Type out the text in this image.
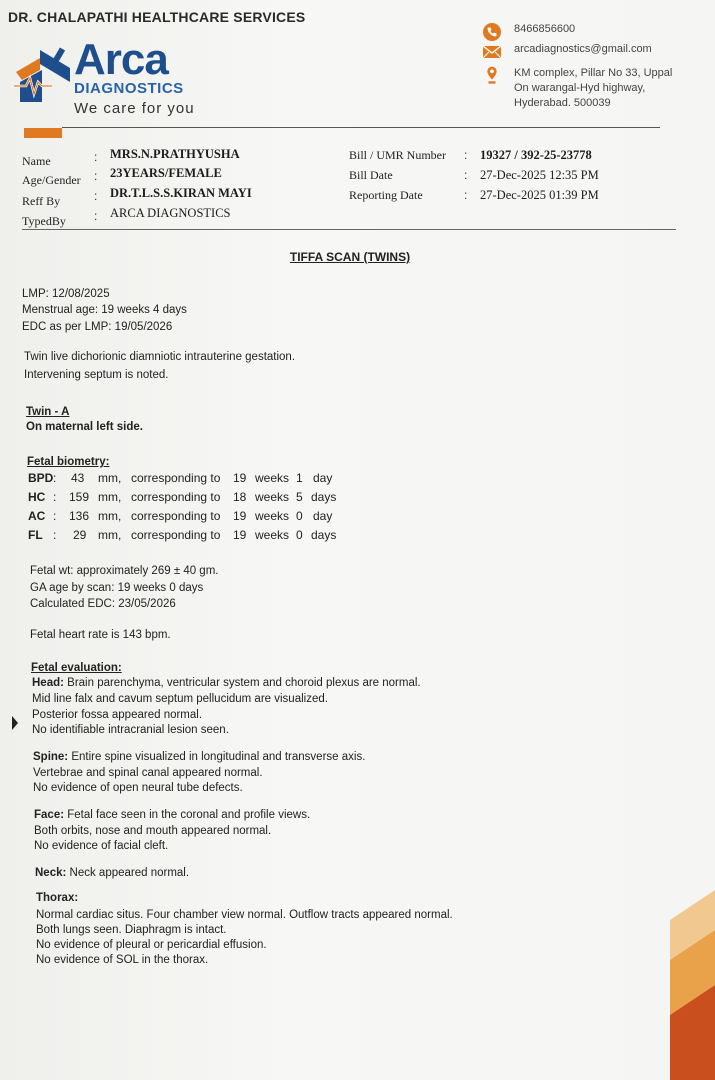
DR. CHALAPATHI HEALTHCARE SERVICES
Arca
DIAGNOSTICS
We care for you
8466856600
arcadiagnostics@gmail.com
KM complex, Pillar No 33, Uppal
On warangal-Hyd highway,
Hyderabad. 500039
Name	: MRS.N.PRATHYUSHA
Age/Gender : 23YEARS/FEMALE
Reff By	: DR.T.L.S.S.KIRAN MAYI
TypedBy : ARCA DIAGNOSTICS
Bill / UMR Number : 19327 / 392-25-23778
Bill Date	: 27-Dec-2025 12:35 PM
Reporting Date	: 27-Dec-2025 01:39 PM
TIFFA SCAN (TWINS)
LMP: 12/08/2025
Menstrual age: 19 weeks 4 days
EDC as per LMP: 19/05/2026
Twin live dichorionic diamniotic intrauterine gestation.
Intervening septum is noted.
Twin - A
On maternal left side.
Fetal biometry:
BPD : 43 mm, corresponding to 19 weeks 1 day
HC : 159 mm, corresponding to 18 weeks 5 days
AC : 136 mm, corresponding to 19 weeks 0 day
FL : 29 mm, corresponding to 19 weeks 0 days
Fetal wt: approximately 269 ± 40 gm.
GA age by scan: 19 weeks 0 days
Calculated EDC: 23/05/2026
Fetal heart rate is 143 bpm.
Fetal evaluation:
Head: Brain parenchyma, ventricular system and choroid plexus are normal.
Mid line falx and cavum septum pellucidum are visualized.
Posterior fossa appeared normal.
No identifiable intracranial lesion seen.
Spine: Entire spine visualized in longitudinal and transverse axis.
Vertebrae and spinal canal appeared normal.
No evidence of open neural tube defects.
Face: Fetal face seen in the coronal and profile views.
Both orbits, nose and mouth appeared normal.
No evidence of facial cleft.
Neck: Neck appeared normal.
Thorax:
Normal cardiac situs. Four chamber view normal. Outflow tracts appeared normal.
Both lungs seen. Diaphragm is intact.
No evidence of pleural or pericardial effusion.
No evidence of SOL in the thorax.
